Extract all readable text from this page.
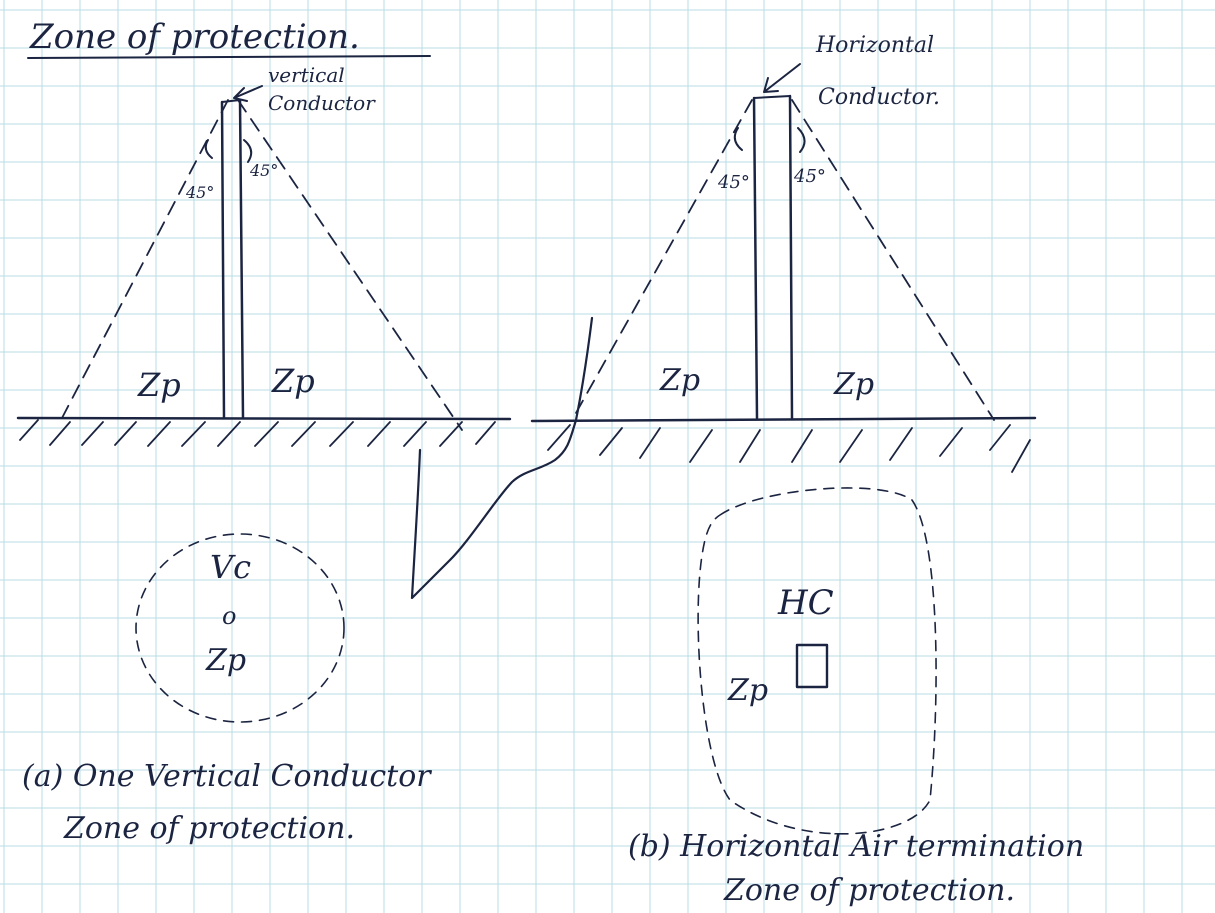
Zone of protection.
vertical
Conductor
45°
45°
Zp	Zp
Vc
o
Zp
(a) One Vertical Conductor
Zone of protection.
Horizontal
Conductor.
45° 45°
Zp	Zp
HC
Zp
(b) Horizontal Air termination
Zone of protection.
